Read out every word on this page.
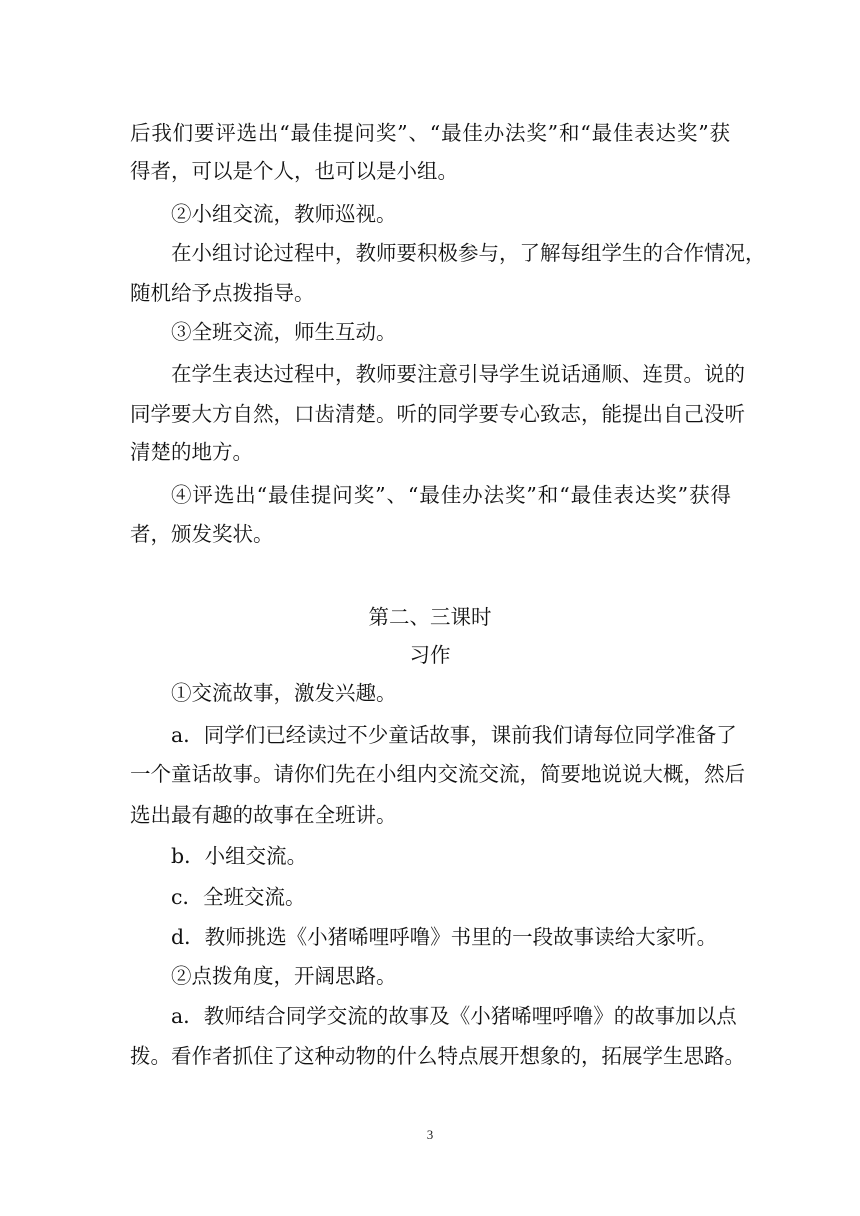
后我们要评选出“最佳提问奖”、“最佳办法奖”和“最佳表达奖”获
得者，可以是个人，也可以是小组。
②小组交流，教师巡视。
在小组讨论过程中，教师要积极参与，了解每组学生的合作情况，
随机给予点拨指导。
③全班交流，师生互动。
在学生表达过程中，教师要注意引导学生说话通顺、连贯。说的
同学要大方自然，口齿清楚。听的同学要专心致志，能提出自己没听
清楚的地方。
④评选出“最佳提问奖”、“最佳办法奖”和“最佳表达奖”获得
者，颁发奖状。
第二、三课时
习作
①交流故事，激发兴趣。
a．同学们已经读过不少童话故事，课前我们请每位同学准备了
一个童话故事。请你们先在小组内交流交流，简要地说说大概，然后
选出最有趣的故事在全班讲。
b．小组交流。
c．全班交流。
d．教师挑选《小猪唏哩呼噜》书里的一段故事读给大家听。
②点拨角度，开阔思路。
a．教师结合同学交流的故事及《小猪唏哩呼噜》的故事加以点
拨。看作者抓住了这种动物的什么特点展开想象的，拓展学生思路。
3
